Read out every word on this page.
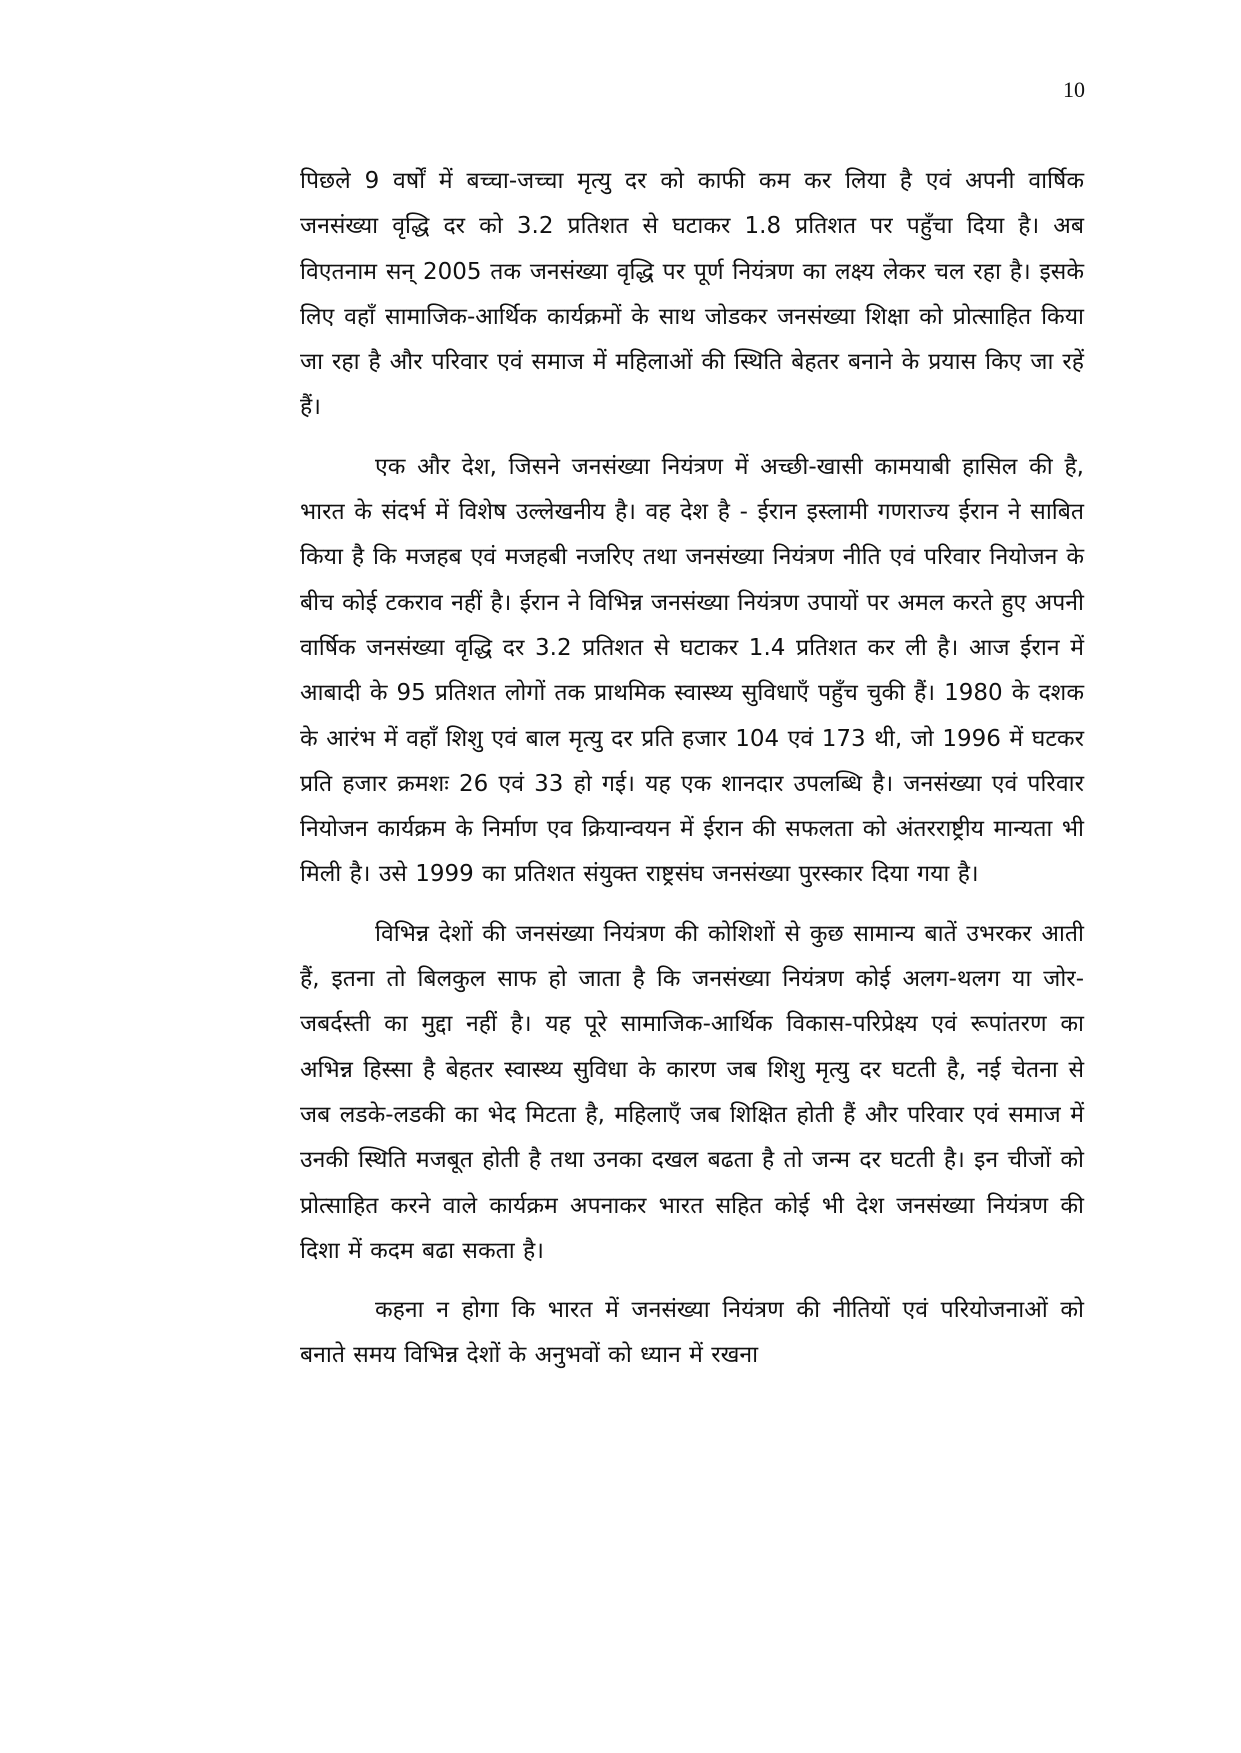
10

पिछले 9 वर्षों में बच्चा-जच्चा मृत्यु दर को काफी कम कर लिया है एवं अपनी वार्षिक जनसंख्या वृद्धि दर को 3.2 प्रतिशत से घटाकर 1.8 प्रतिशत पर पहुँचा दिया है। अब विएतनाम सन् 2005 तक जनसंख्या वृद्धि पर पूर्ण नियंत्रण का लक्ष्य लेकर चल रहा है। इसके लिए वहाँ सामाजिक-आर्थिक कार्यक्रमों के साथ जोडकर जनसंख्या शिक्षा को प्रोत्साहित किया जा रहा है और परिवार एवं समाज में महिलाओं की स्थिति बेहतर बनाने के प्रयास किए जा रहें हैं।

एक और देश, जिसने जनसंख्या नियंत्रण में अच्छी-खासी कामयाबी हासिल की है, भारत के संदर्भ में विशेष उल्लेखनीय है। वह देश है - ईरान इस्लामी गणराज्य ईरान ने साबित किया है कि मजहब एवं मजहबी नजरिए तथा जनसंख्या नियंत्रण नीति एवं परिवार नियोजन के बीच कोई टकराव नहीं है। ईरान ने विभिन्न जनसंख्या नियंत्रण उपायों पर अमल करते हुए अपनी वार्षिक जनसंख्या वृद्धि दर 3.2 प्रतिशत से घटाकर 1.4 प्रतिशत कर ली है। आज ईरान में आबादी के 95 प्रतिशत लोगों तक प्राथमिक स्वास्थ्य सुविधाएँ पहुँच चुकी हैं। 1980 के दशक के आरंभ में वहाँ शिशु एवं बाल मृत्यु दर प्रति हजार 104 एवं 173 थी, जो 1996 में घटकर प्रति हजार क्रमशः 26 एवं 33 हो गई। यह एक शानदार उपलब्धि है। जनसंख्या एवं परिवार नियोजन कार्यक्रम के निर्माण एव क्रियान्वयन में ईरान की सफलता को अंतरराष्ट्रीय मान्यता भी मिली है। उसे 1999 का प्रतिशत संयुक्त राष्ट्रसंघ जनसंख्या पुरस्कार दिया गया है।

विभिन्न देशों की जनसंख्या नियंत्रण की कोशिशों से कुछ सामान्य बातें उभरकर आती हैं, इतना तो बिलकुल साफ हो जाता है कि जनसंख्या नियंत्रण कोई अलग-थलग या जोर-जबर्दस्ती का मुद्दा नहीं है। यह पूरे सामाजिक-आर्थिक विकास-परिप्रेक्ष्य एवं रूपांतरण का अभिन्न हिस्सा है बेहतर स्वास्थ्य सुविधा के कारण जब शिशु मृत्यु दर घटती है, नई चेतना से जब लडके-लडकी का भेद मिटता है, महिलाएँ जब शिक्षित होती हैं और परिवार एवं समाज में उनकी स्थिति मजबूत होती है तथा उनका दखल बढता है तो जन्म दर घटती है। इन चीजों को प्रोत्साहित करने वाले कार्यक्रम अपनाकर भारत सहित कोई भी देश जनसंख्या नियंत्रण की दिशा में कदम बढा सकता है।

कहना न होगा कि भारत में जनसंख्या नियंत्रण की नीतियों एवं परियोजनाओं को बनाते समय विभिन्न देशों के अनुभवों को ध्यान में रखना
